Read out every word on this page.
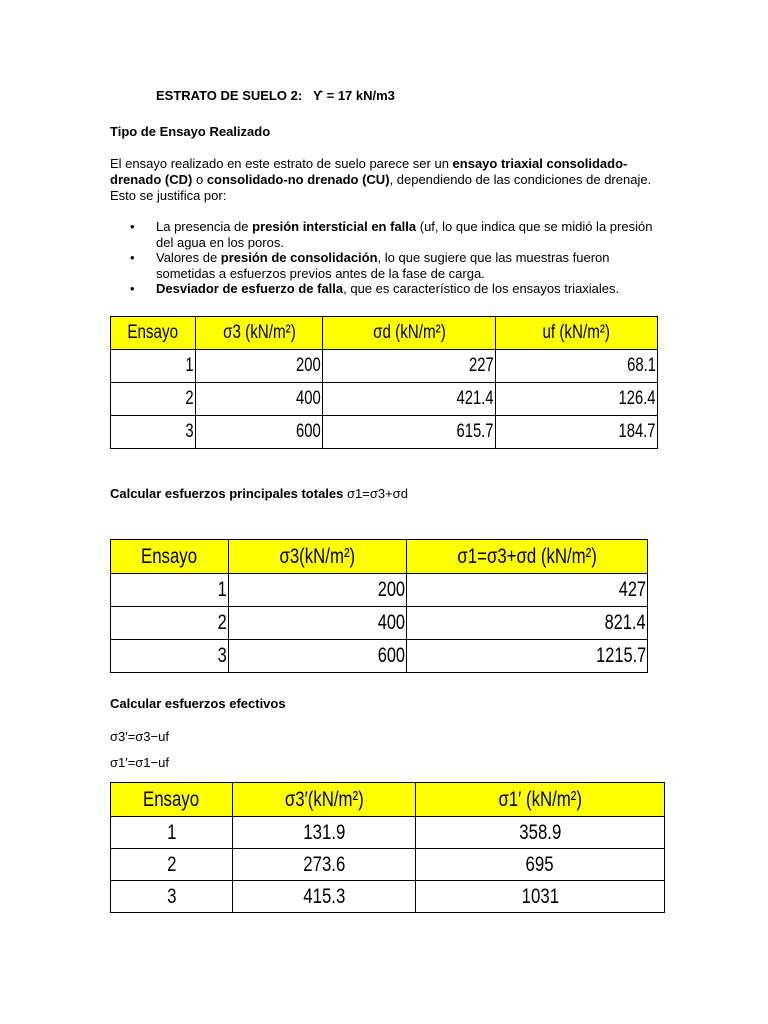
ESTRATO DE SUELO 2: ϒ = 17 kN/m3
Tipo de Ensayo Realizado
El ensayo realizado en este estrato de suelo parece ser un ensayo triaxial consolidado-drenado (CD) o consolidado-no drenado (CU), dependiendo de las condiciones de drenaje. Esto se justifica por:
• La presencia de presión intersticial en falla (uf, lo que indica que se midió la presión del agua en los poros.
• Valores de presión de consolidación, lo que sugiere que las muestras fueron sometidas a esfuerzos previos antes de la fase de carga.
• Desviador de esfuerzo de falla, que es característico de los ensayos triaxiales.
Ensayo	σ3 (kN/m²)	σd (kN/m²)	uf (kN/m²)
1	200	227	68.1
2	400	421.4	126.4
3	600	615.7	184.7
Calcular esfuerzos principales totales σ1=σ3+σd
Ensayo	σ3(kN/m²)	σ1=σ3+σd (kN/m²)
1	200	427
2	400	821.4
3	600	1215.7
Calcular esfuerzos efectivos
σ3′=σ3−uf
σ1′=σ1−uf
Ensayo	σ3′(kN/m²)	σ1′ (kN/m²)
1	131.9	358.9
2	273.6	695
3	415.3	1031
